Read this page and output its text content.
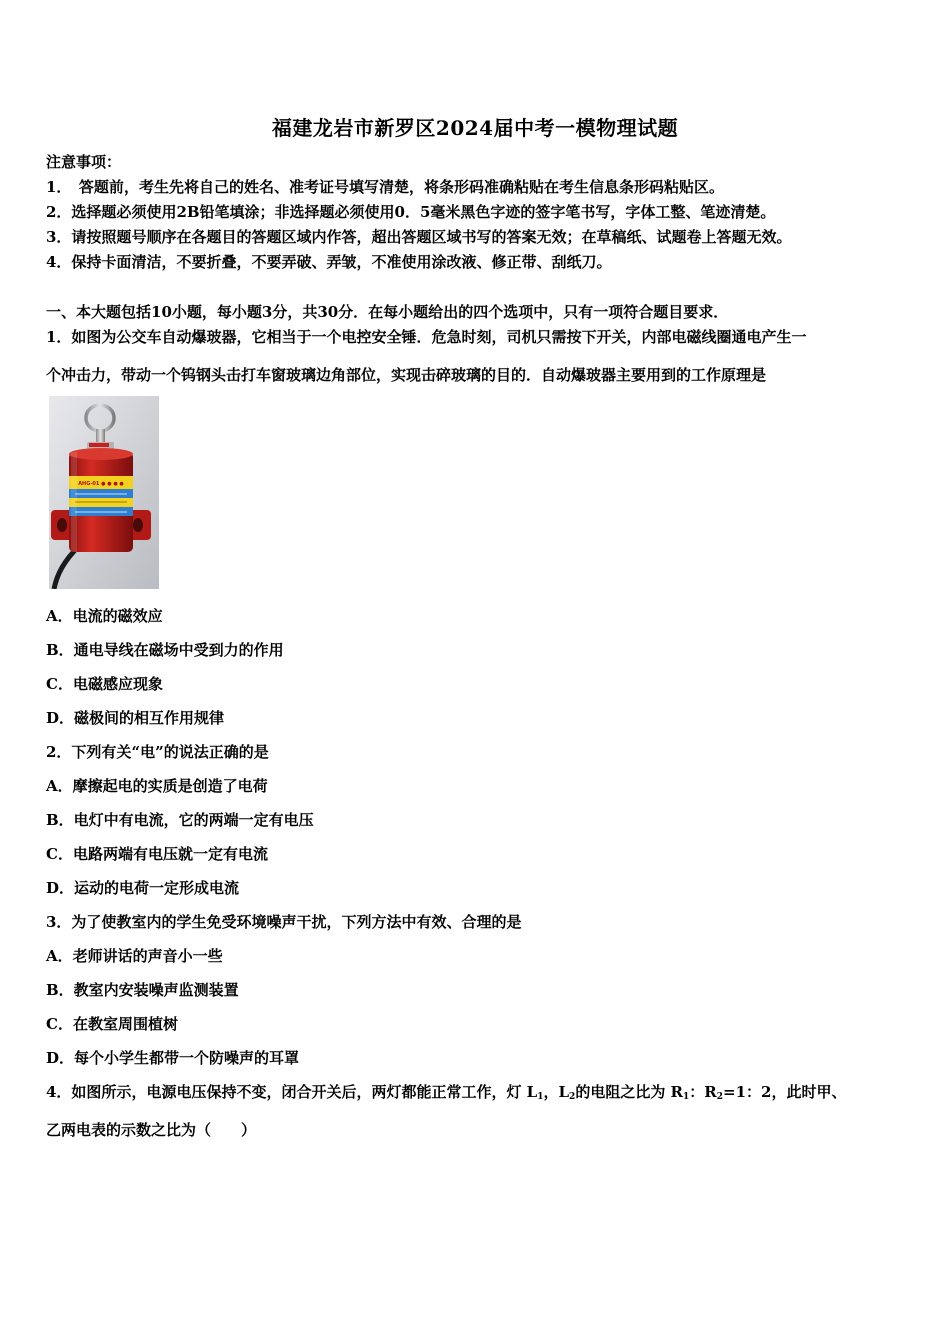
福建龙岩市新罗区2024届中考一模物理试题
注意事项：
1．　答题前，考生先将自己的姓名、准考证号填写清楚，将条形码准确粘贴在考生信息条形码粘贴区。
2．选择题必须使用2B铅笔填涂；非选择题必须使用0．5毫米黑色字迹的签字笔书写，字体工整、笔迹清楚。
3．请按照题号顺序在各题目的答题区域内作答，超出答题区域书写的答案无效；在草稿纸、试题卷上答题无效。
4．保持卡面清洁，不要折叠，不要弄破、弄皱，不准使用涂改液、修正带、刮纸刀。
一、本大题包括10小题，每小题3分，共30分．在每小题给出的四个选项中，只有一项符合题目要求．
1．如图为公交车自动爆玻器，它相当于一个电控安全锤．危急时刻，司机只需按下开关，内部电磁线圈通电产生一
个冲击力，带动一个钨钢头击打车窗玻璃边角部位，实现击碎玻璃的目的．自动爆玻器主要用到的工作原理是
AHG-01 ● ● ● ●
A．电流的磁效应
B．通电导线在磁场中受到力的作用
C．电磁感应现象
D．磁极间的相互作用规律
2．下列有关“电”的说法正确的是
A．摩擦起电的实质是创造了电荷
B．电灯中有电流，它的两端一定有电压
C．电路两端有电压就一定有电流
D．运动的电荷一定形成电流
3．为了使教室内的学生免受环境噪声干扰，下列方法中有效、合理的是
A．老师讲话的声音小一些
B．教室内安装噪声监测装置
C．在教室周围植树
D．每个小学生都带一个防噪声的耳罩
4．如图所示，电源电压保持不变，闭合开关后，两灯都能正常工作，灯 $L_1$，$L_2$的电阻之比为 $R_1$：$R_2=1$：2，此时甲、
乙两电表的示数之比为（　　）
